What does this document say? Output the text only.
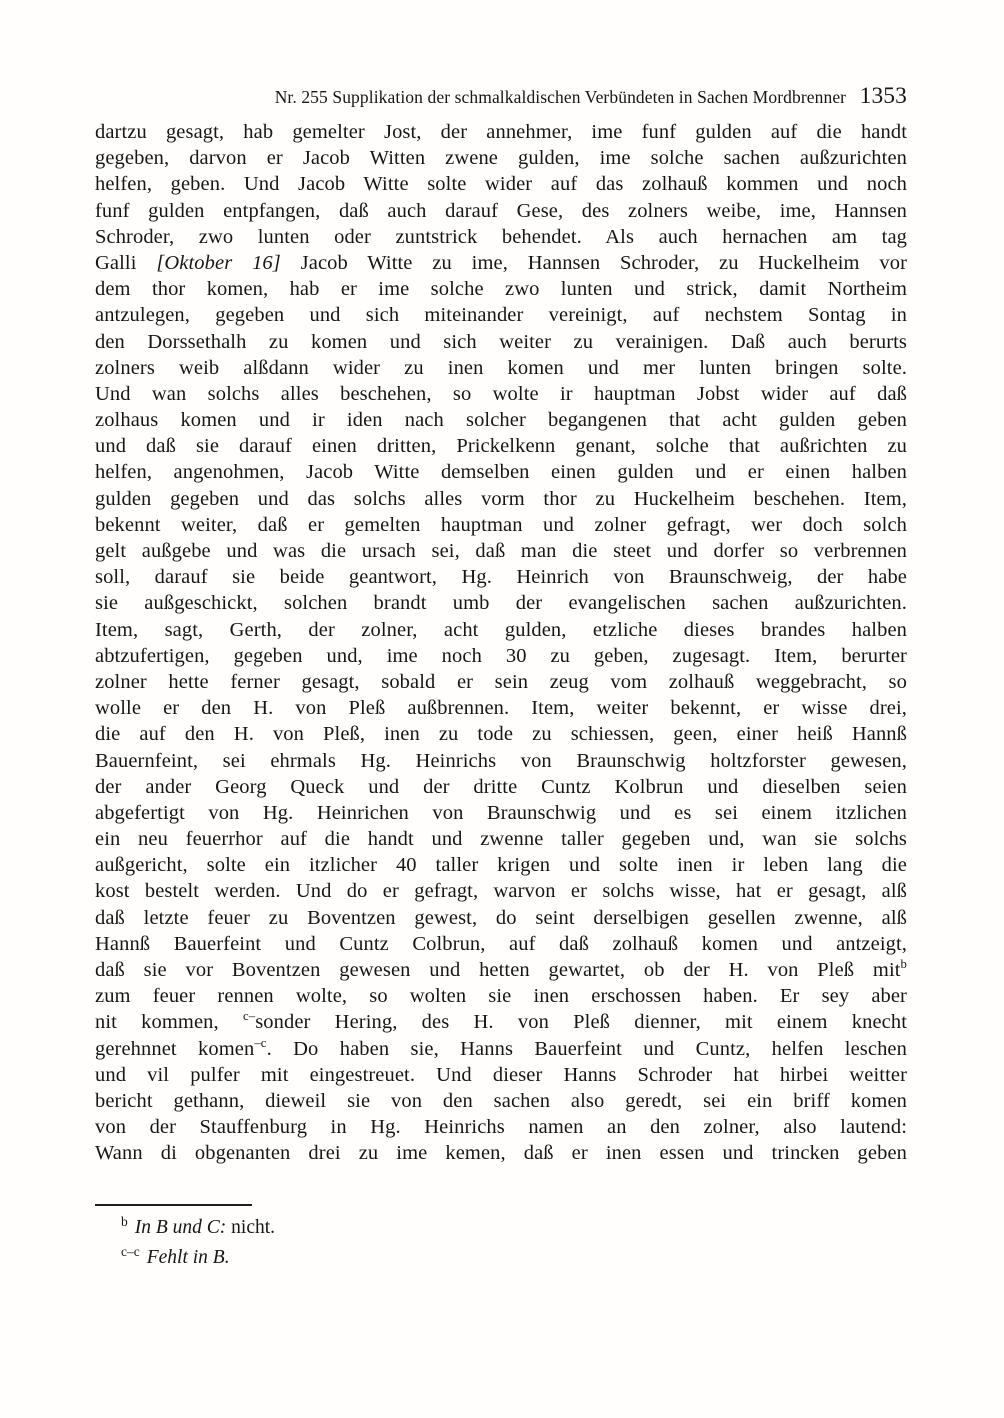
Nr. 255 Supplikation der schmalkaldischen Verbündeten in Sachen Mordbrenner 1353
dartzu gesagt, hab gemelter Jost, der annehmer, ime funf gulden auf die handt
gegeben, darvon er Jacob Witten zwene gulden, ime solche sachen außzurichten
helfen, geben. Und Jacob Witte solte wider auf das zolhauß kommen und noch
funf gulden entpfangen, daß auch darauf Gese, des zolners weibe, ime, Hannsen
Schroder, zwo lunten oder zuntstrick behendet. Als auch hernachen am tag
Galli [Oktober 16] Jacob Witte zu ime, Hannsen Schroder, zu Huckelheim vor
dem thor komen, hab er ime solche zwo lunten und strick, damit Northeim
antzulegen, gegeben und sich miteinander vereinigt, auf nechstem Sontag in
den Dorssethalh zu komen und sich weiter zu verainigen. Daß auch berurts
zolners weib alßdann wider zu inen komen und mer lunten bringen solte.
Und wan solchs alles beschehen, so wolte ir hauptman Jobst wider auf daß
zolhaus komen und ir iden nach solcher begangenen that acht gulden geben
und daß sie darauf einen dritten, Prickelkenn genant, solche that außrichten zu
helfen, angenohmen, Jacob Witte demselben einen gulden und er einen halben
gulden gegeben und das solchs alles vorm thor zu Huckelheim beschehen. Item,
bekennt weiter, daß er gemelten hauptman und zolner gefragt, wer doch solch
gelt außgebe und was die ursach sei, daß man die steet und dorfer so verbrennen
soll, darauf sie beide geantwort, Hg. Heinrich von Braunschweig, der habe
sie außgeschickt, solchen brandt umb der evangelischen sachen außzurichten.
Item, sagt, Gerth, der zolner, acht gulden, etzliche dieses brandes halben
abtzufertigen, gegeben und, ime noch 30 zu geben, zugesagt. Item, berurter
zolner hette ferner gesagt, sobald er sein zeug vom zolhauß weggebracht, so
wolle er den H. von Pleß außbrennen. Item, weiter bekennt, er wisse drei,
die auf den H. von Pleß, inen zu tode zu schiessen, geen, einer heiß Hannß
Bauernfeint, sei ehrmals Hg. Heinrichs von Braunschwig holtzforster gewesen,
der ander Georg Queck und der dritte Cuntz Kolbrun und dieselben seien
abgefertigt von Hg. Heinrichen von Braunschwig und es sei einem itzlichen
ein neu feuerrhor auf die handt und zwenne taller gegeben und, wan sie solchs
außgericht, solte ein itzlicher 40 taller krigen und solte inen ir leben lang die
kost bestelt werden. Und do er gefragt, warvon er solchs wisse, hat er gesagt, alß
daß letzte feuer zu Boventzen gewest, do seint derselbigen gesellen zwenne, alß
Hannß Bauerfeint und Cuntz Colbrun, auf daß zolhauß komen und antzeigt,
daß sie vor Boventzen gewesen und hetten gewartet, ob der H. von Pleß mit$^b$
zum feuer rennen wolte, so wolten sie inen erschossen haben. Er sey aber
nit kommen, $^{c-}$sonder Hering, des H. von Pleß dienner, mit einem knecht
gerehnnet komen$^{-c}$. Do haben sie, Hanns Bauerfeint und Cuntz, helfen leschen
und vil pulfer mit eingestreuet. Und dieser Hanns Schroder hat hirbei weitter
bericht gethann, dieweil sie von den sachen also geredt, sei ein briff komen
von der Stauffenburg in Hg. Heinrichs namen an den zolner, also lautend:
Wann di obgenanten drei zu ime kemen, daß er inen essen und trincken geben
$^b$ In B und C: nicht.
$^{c-c}$ Fehlt in B.
